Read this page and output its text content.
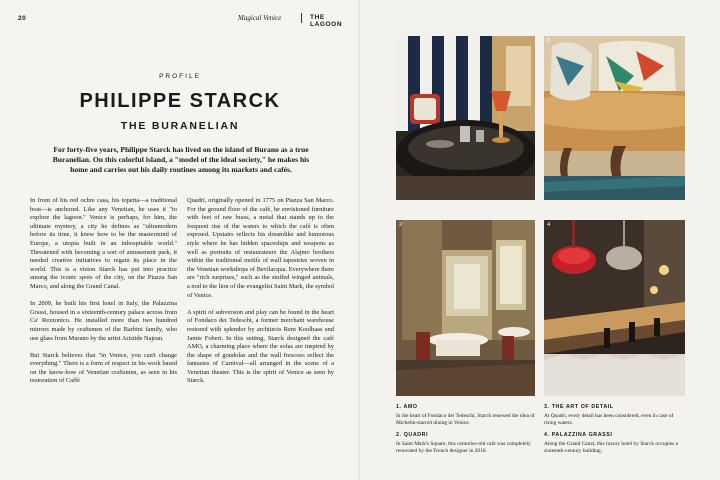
20	Magical Venice	THE LAGOON
PROFILE
PHILIPPE STARCK
THE BURANELIAN
For forty-five years, Philippe Starck has lived on the island of Burano as a true Buranelian. On this colorful island, a "model of the ideal society," he makes his home and carries out his daily routines among its markets and cafés.

In front of his red ochre casa, his topetta—a traditional boat—is anchored. Like any Venetian, he uses it "to explore the lagoon." Venice is perhaps, for him, the ultimate mystery, a city he defines as "ultramodern before its time, it knew how to be the mastermind of Europe, a utopia built in an inhospitable world." Threatened with becoming a sort of amusement park, it needed creative initiatives to regain its place in the world. This is a vision Starck has put into practice among the iconic spots of the city, on the Piazza San Marco, and along the Grand Canal.

In 2009, he built his first hotel in Italy, the Palazzina Grassi, housed in a sixteenth-century palace across from Ca' Rezzonico. He installed more than two hundred mirrors made by craftsmen of the Barbini family, who use glass from Murano by the artist Aristide Najean.

But Starck believes that "in Venice, you can't change everything." There is a form of respect in his work based on the know-how of Venetian craftsmen, as seen in his restoration of Caffè

Quadri, originally opened in 1775 on Piazza San Marco. For the ground floor of the café, he envisioned furniture with feet of raw brass, a metal that stands up to the frequent rise of the waters to which the café is often exposed. Upstairs reflects his dreamlike and humorous style where he has hidden spaceships and weapons as well as portraits of restaurateurs the Alajmo brothers within the traditional motifs of wall tapestries woven in the Venetian workshops of Bevilacqua. Everywhere there are "rich surprises," such as the stuffed winged animals, a nod to the lion of the evangelist Saint Mark, the symbol of Venice.

A spirit of subversion and play can be found in the heart of Fondaco dei Tedeschi, a former merchant warehouse restored with splendor by architects Rem Koolhaas and Jamie Fobert. In this setting, Starck designed the café AMO, a charming place where the sofas are inspired by the shape of gondolas and the wall frescoes reflect the fantasies of Carnival—all arranged in the scene of a Venetian theater. This is the spirit of Venice as seen by Starck.

1	3
2	4
1. AMO
In the heart of Fondaco dei Tedeschi, Starck renewed the idea of Michelin-starred dining in Venice.
2. QUADRI
In Saint Mark's Square, this centuries-old café was completely renovated by the French designer in 2018.
3. THE ART OF DETAIL
At Quadri, every detail has been considered, even in case of rising waters.
4. PALAZZINA GRASSI
Along the Grand Canal, this luxury hotel by Starck occupies a sixteenth-century building.
